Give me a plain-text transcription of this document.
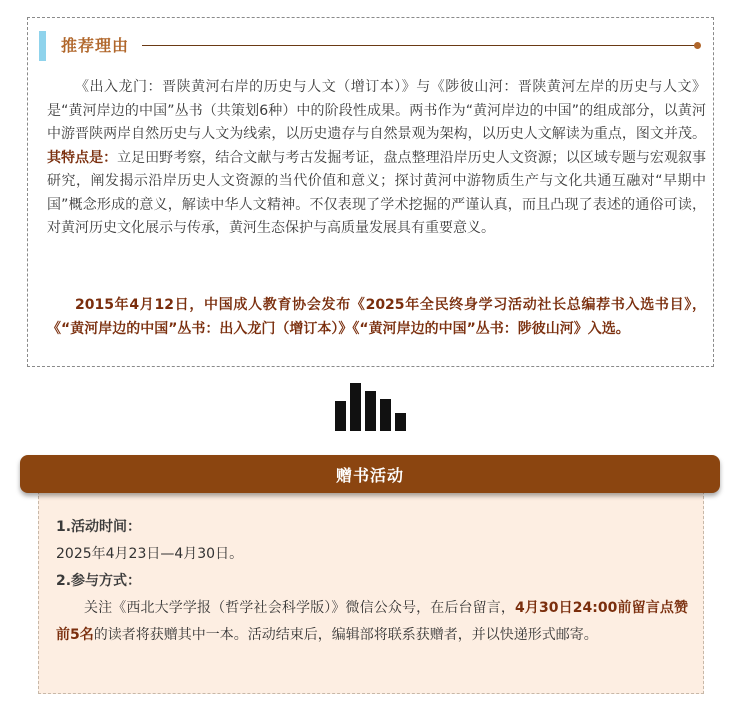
推荐理由

《出入龙门：晋陕黄河右岸的历史与人文（增订本）》与《陟彼山河：晋陕黄河左岸的历史与人文》是“黄河岸边的中国”丛书（共策划6种）中的阶段性成果。两书作为“黄河岸边的中国”的组成部分，以黄河中游晋陕两岸自然历史与人文为线索，以历史遗存与自然景观为架构，以历史人文解读为重点，图文并茂。其特点是：立足田野考察，结合文献与考古发掘考证，盘点整理沿岸历史人文资源；以区域专题与宏观叙事研究，阐发揭示沿岸历史人文资源的当代价值和意义；探讨黄河中游物质生产与文化共通互融对“早期中国”概念形成的意义，解读中华人文精神。不仅表现了学术挖掘的严谨认真，而且凸现了表述的通俗可读，对黄河历史文化展示与传承，黄河生态保护与高质量发展具有重要意义。

2015年4月12日，中国成人教育协会发布《2025年全民终身学习活动社长总编荐书入选书目》，《“黄河岸边的中国”丛书：出入龙门（增订本）》《“黄河岸边的中国”丛书：陟彼山河》入选。

赠书活动
1.活动时间：
2025年4月23日—4月30日。
2.参与方式：
关注《西北大学学报（哲学社会科学版）》微信公众号，在后台留言，4月30日24:00前留言点赞前5名的读者将获赠其中一本。活动结束后，编辑部将联系获赠者，并以快递形式邮寄。
